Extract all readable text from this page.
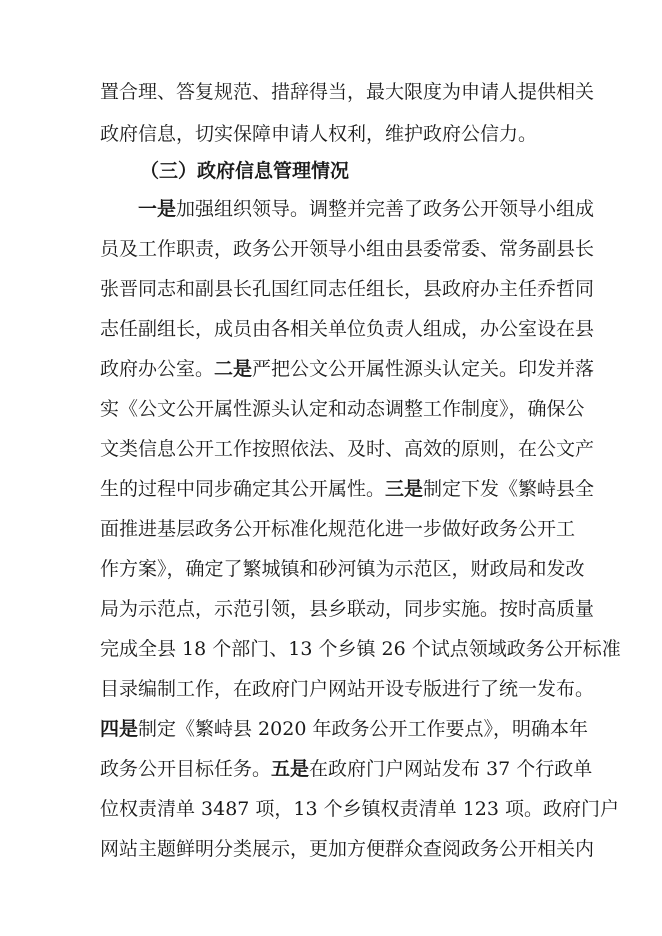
置合理、答复规范、措辞得当，最大限度为申请人提供相关
政府信息，切实保障申请人权利，维护政府公信力。
（三）政府信息管理情况
一是加强组织领导。调整并完善了政务公开领导小组成
员及工作职责，政务公开领导小组由县委常委、常务副县长
张晋同志和副县长孔国红同志任组长，县政府办主任乔哲同
志任副组长，成员由各相关单位负责人组成，办公室设在县
政府办公室。二是严把公文公开属性源头认定关。印发并落
实《公文公开属性源头认定和动态调整工作制度》，确保公
文类信息公开工作按照依法、及时、高效的原则，在公文产
生的过程中同步确定其公开属性。三是制定下发《繁峙县全
面推进基层政务公开标准化规范化进一步做好政务公开工
作方案》，确定了繁城镇和砂河镇为示范区，财政局和发改
局为示范点，示范引领，县乡联动，同步实施。按时高质量
完成全县 18 个部门、13 个乡镇 26 个试点领域政务公开标准
目录编制工作，在政府门户网站开设专版进行了统一发布。
四是制定《繁峙县 2020 年政务公开工作要点》，明确本年
政务公开目标任务。五是在政府门户网站发布 37 个行政单
位权责清单 3487 项，13 个乡镇权责清单 123 项。政府门户
网站主题鲜明分类展示，更加方便群众查阅政务公开相关内
